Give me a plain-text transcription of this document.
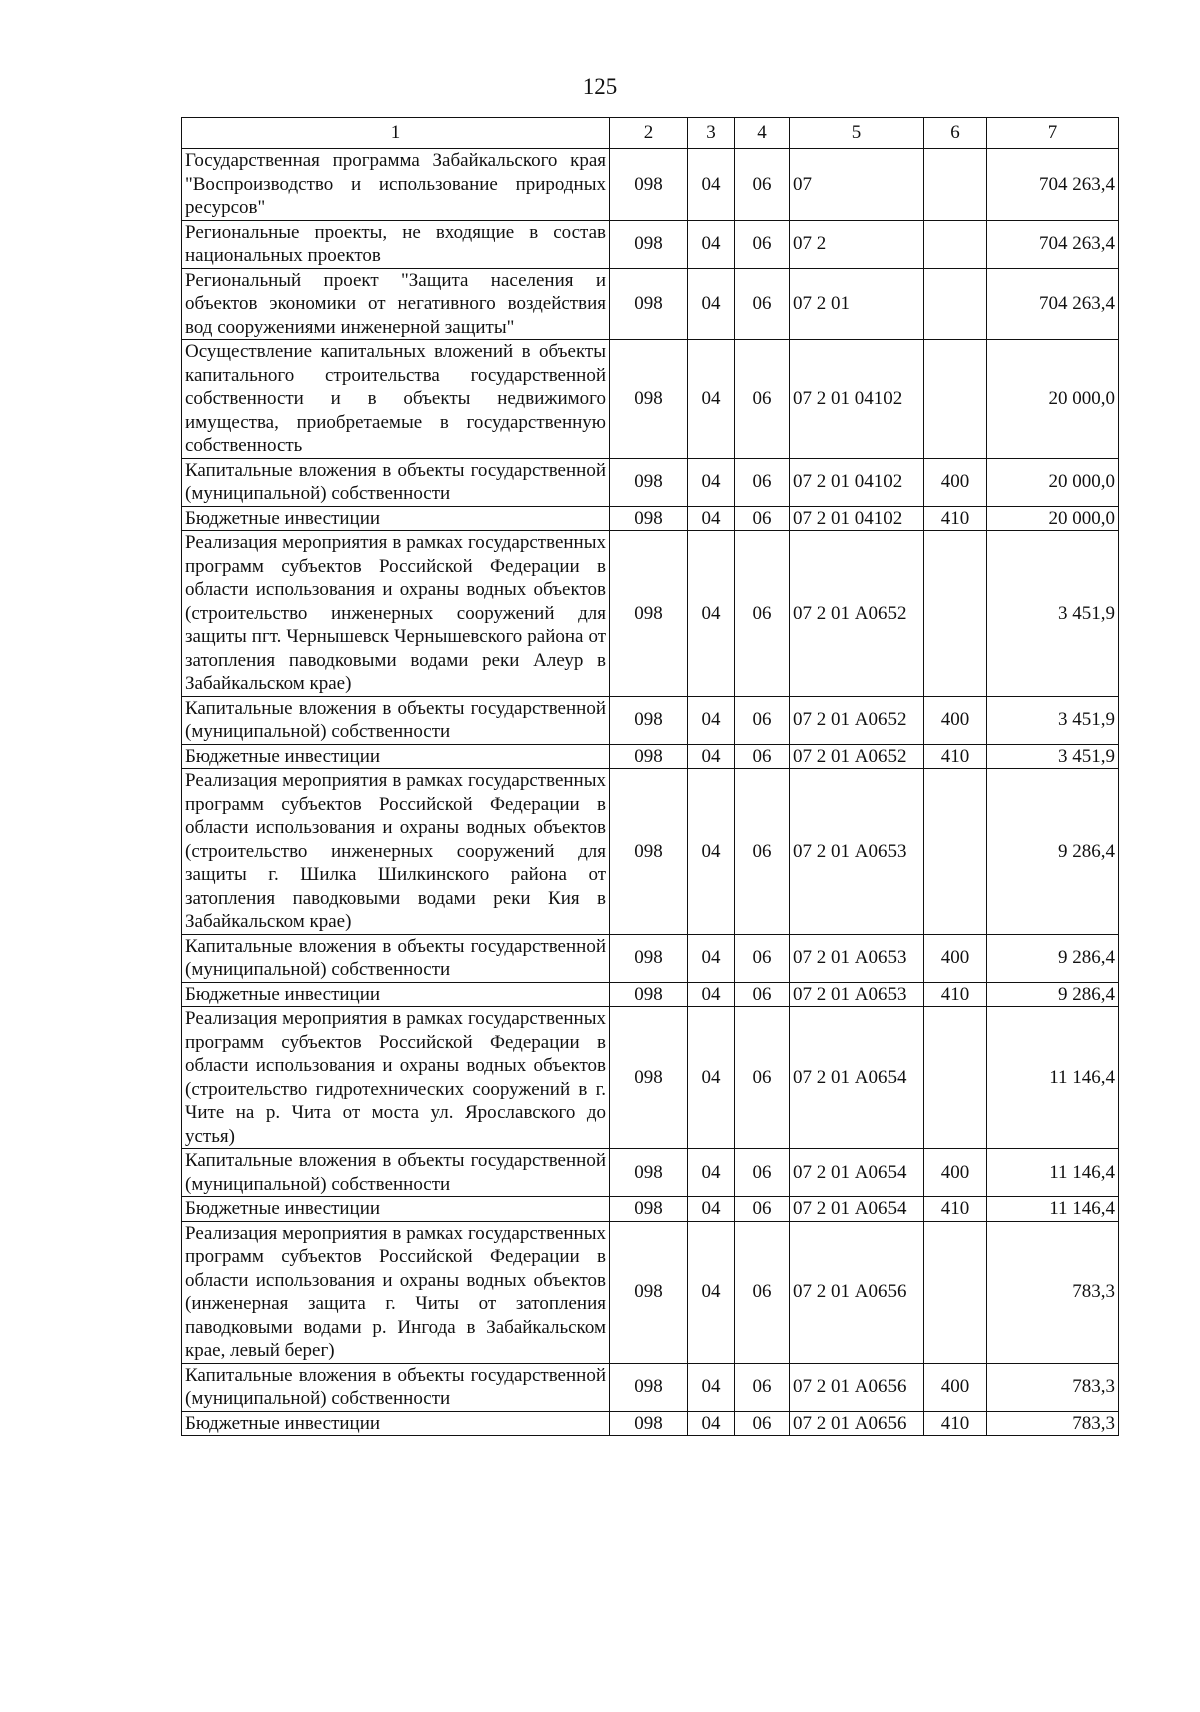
125
1	2	3	4	5	6	7
Государственная программа Забайкальского края "Воспроизводство и использование природных ресурсов"	098	04	06	07		704 263,4
Региональные проекты, не входящие в состав национальных проектов	098	04	06	07 2		704 263,4
Региональный проект "Защита населения и объектов экономики от негативного воздействия вод сооружениями инженерной защиты"	098	04	06	07 2 01		704 263,4
Осуществление капитальных вложений в объекты капитального строительства государственной собственности и в объекты недвижимого имущества, приобретаемые в государственную собственность	098	04	06	07 2 01 04102		20 000,0
Капитальные вложения в объекты государственной (муниципальной) собственности	098	04	06	07 2 01 04102	400	20 000,0
Бюджетные инвестиции	098	04	06	07 2 01 04102	410	20 000,0
Реализация мероприятия в рамках государственных программ субъектов Российской Федерации в области использования и охраны водных объектов (строительство инженерных сооружений для защиты пгт. Чернышевск Чернышевского района от затопления паводковыми водами реки Алеур в Забайкальском крае)	098	04	06	07 2 01 А0652		3 451,9
Капитальные вложения в объекты государственной (муниципальной) собственности	098	04	06	07 2 01 А0652	400	3 451,9
Бюджетные инвестиции	098	04	06	07 2 01 А0652	410	3 451,9
Реализация мероприятия в рамках государственных программ субъектов Российской Федерации в области использования и охраны водных объектов (строительство инженерных сооружений для защиты г. Шилка Шилкинского района от затопления паводковыми водами реки Кия в Забайкальском крае)	098	04	06	07 2 01 А0653		9 286,4
Капитальные вложения в объекты государственной (муниципальной) собственности	098	04	06	07 2 01 А0653	400	9 286,4
Бюджетные инвестиции	098	04	06	07 2 01 А0653	410	9 286,4
Реализация мероприятия в рамках государственных программ субъектов Российской Федерации в области использования и охраны водных объектов (строительство гидротехнических сооружений в г. Чите на р. Чита от моста ул. Ярославского до устья)	098	04	06	07 2 01 А0654		11 146,4
Капитальные вложения в объекты государственной (муниципальной) собственности	098	04	06	07 2 01 А0654	400	11 146,4
Бюджетные инвестиции	098	04	06	07 2 01 А0654	410	11 146,4
Реализация мероприятия в рамках государственных программ субъектов Российской Федерации в области использования и охраны водных объектов (инженерная защита г. Читы от затопления паводковыми водами р. Ингода в Забайкальском крае, левый берег)	098	04	06	07 2 01 А0656		783,3
Капитальные вложения в объекты государственной (муниципальной) собственности	098	04	06	07 2 01 А0656	400	783,3
Бюджетные инвестиции	098	04	06	07 2 01 А0656	410	783,3
